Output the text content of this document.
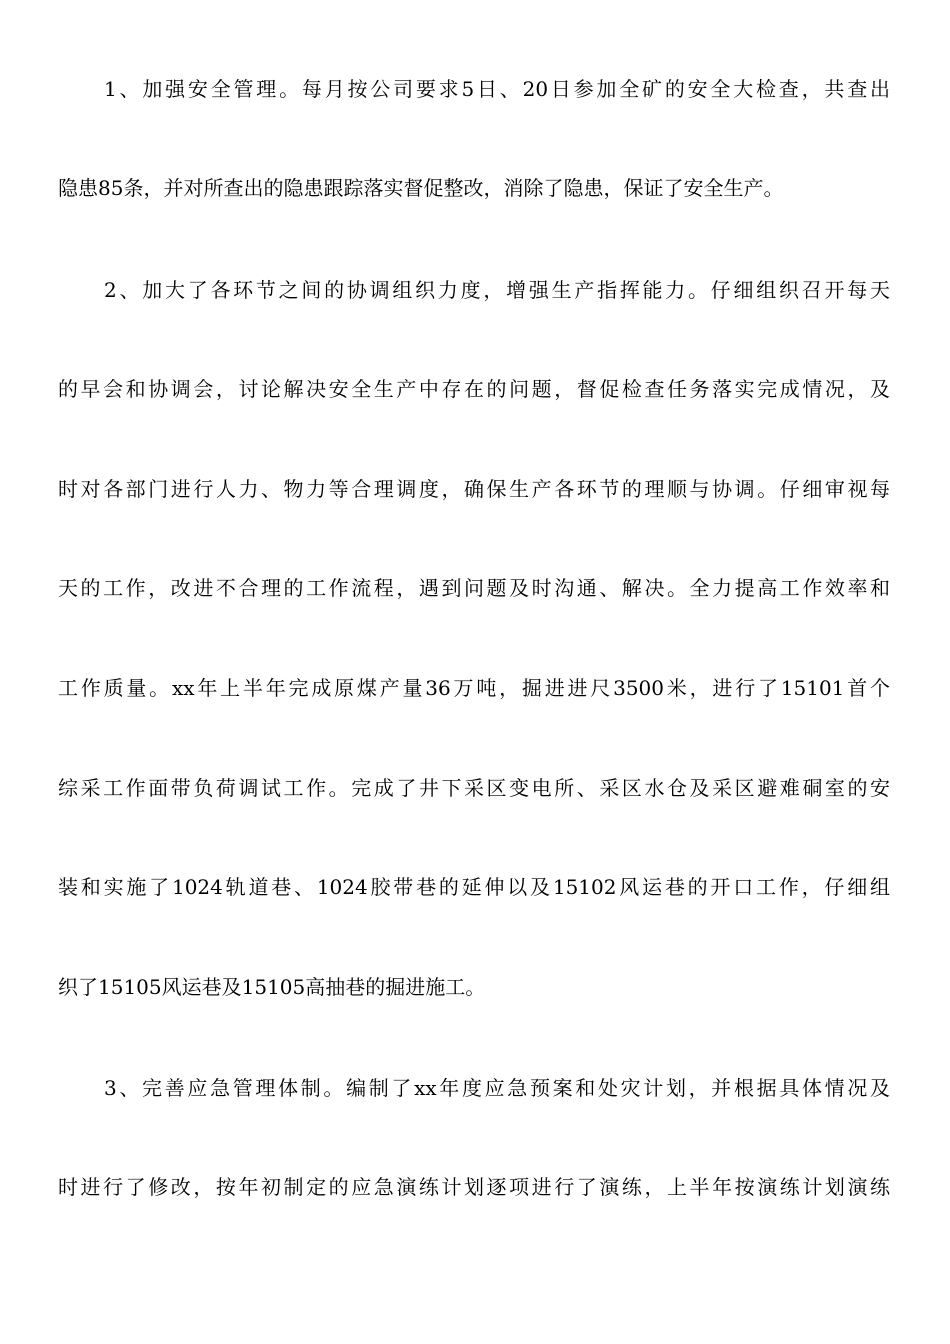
1、加强安全管理。每月按公司要求5日、20日参加全矿的安全大检查，共查出
隐患85条，并对所查出的隐患跟踪落实督促整改，消除了隐患，保证了安全生产。
2、加大了各环节之间的协调组织力度，增强生产指挥能力。仔细组织召开每天
的早会和协调会，讨论解决安全生产中存在的问题，督促检查任务落实完成情况，及
时对各部门进行人力、物力等合理调度，确保生产各环节的理顺与协调。仔细审视每
天的工作，改进不合理的工作流程，遇到问题及时沟通、解决。全力提高工作效率和
工作质量。xx年上半年完成原煤产量36万吨，掘进进尺3500米，进行了15101首个
综采工作面带负荷调试工作。完成了井下采区变电所、采区水仓及采区避难硐室的安
装和实施了1024轨道巷、1024胶带巷的延伸以及15102风运巷的开口工作，仔细组
织了15105风运巷及15105高抽巷的掘进施工。
3、完善应急管理体制。编制了xx年度应急预案和处灾计划，并根据具体情况及
时进行了修改，按年初制定的应急演练计划逐项进行了演练，上半年按演练计划演练
